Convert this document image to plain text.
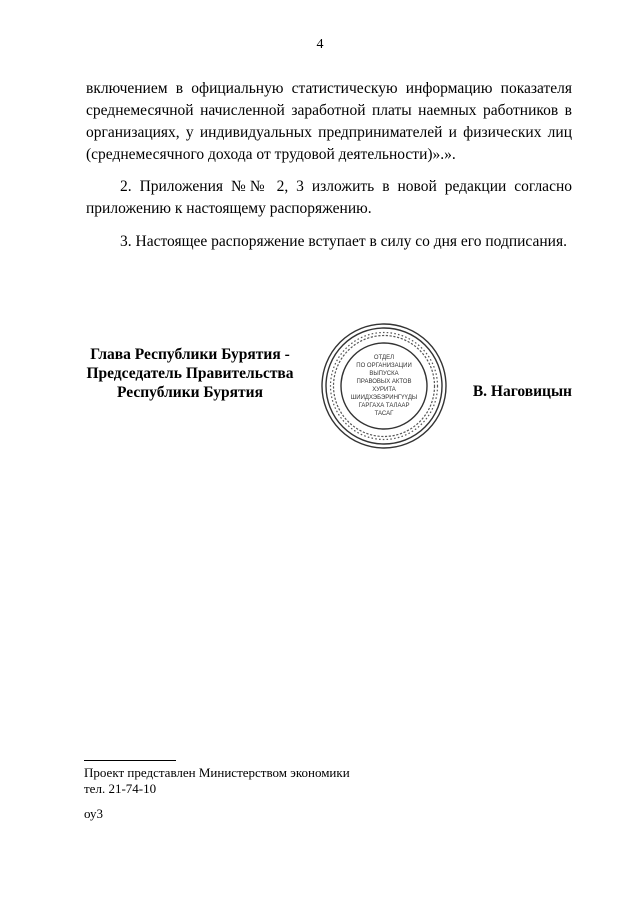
4

включением в официальную статистическую информацию показателя среднемесячной начисленной заработной платы наемных работников в организациях, у индивидуальных предпринимателей и физических лиц (среднемесячного дохода от трудовой деятельности)».».

2. Приложения №№ 2, 3 изложить в новой редакции согласно приложению к настоящему распоряжению.

3. Настоящее распоряжение вступает в силу со дня его подписания.

Глава Республики Бурятия -
Председатель Правительства
Республики Бурятия
ОТДЕЛ
ПО ОРГАНИЗАЦИИ
ВЫПУСКА
ПРАВОВЫХ АКТОВ
ХУРИТА
ШИИДХЭБЭРИНГҮҮДЫ
ГАРГАХА ТАЛААР
ТАСАГ
В. Наговицын
Проект представлен Министерством экономики
тел. 21-74-10
оу3
